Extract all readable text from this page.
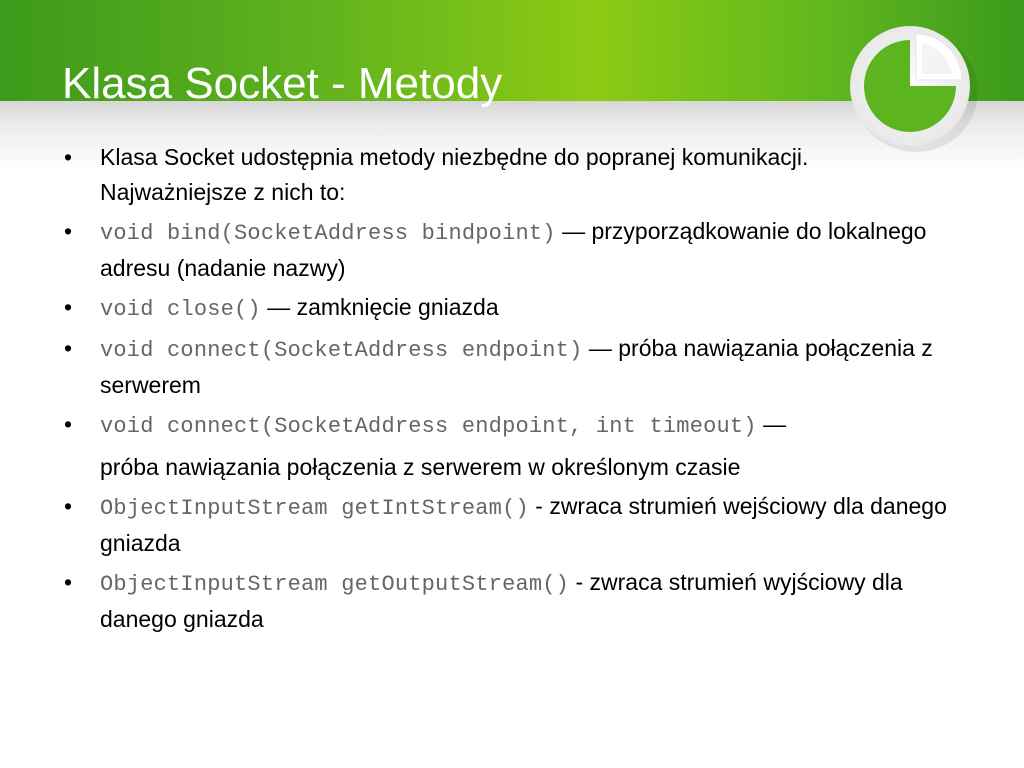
Klasa Socket - Metody
• Klasa Socket udostępnia metody niezbędne do popranej komunikacji. Najważniejsze z nich to:
• void bind(SocketAddress bindpoint) — przyporządkowanie do lokalnego adresu (nadanie nazwy)
• void close() — zamknięcie gniazda
• void connect(SocketAddress endpoint) — próba nawiązania połączenia z serwerem
• void connect(SocketAddress endpoint, int timeout) —
próba nawiązania połączenia z serwerem w określonym czasie
• ObjectInputStream getIntStream() - zwraca strumień wejściowy dla danego gniazda
• ObjectInputStream getOutputStream() - zwraca strumień wyjściowy dla danego gniazda
